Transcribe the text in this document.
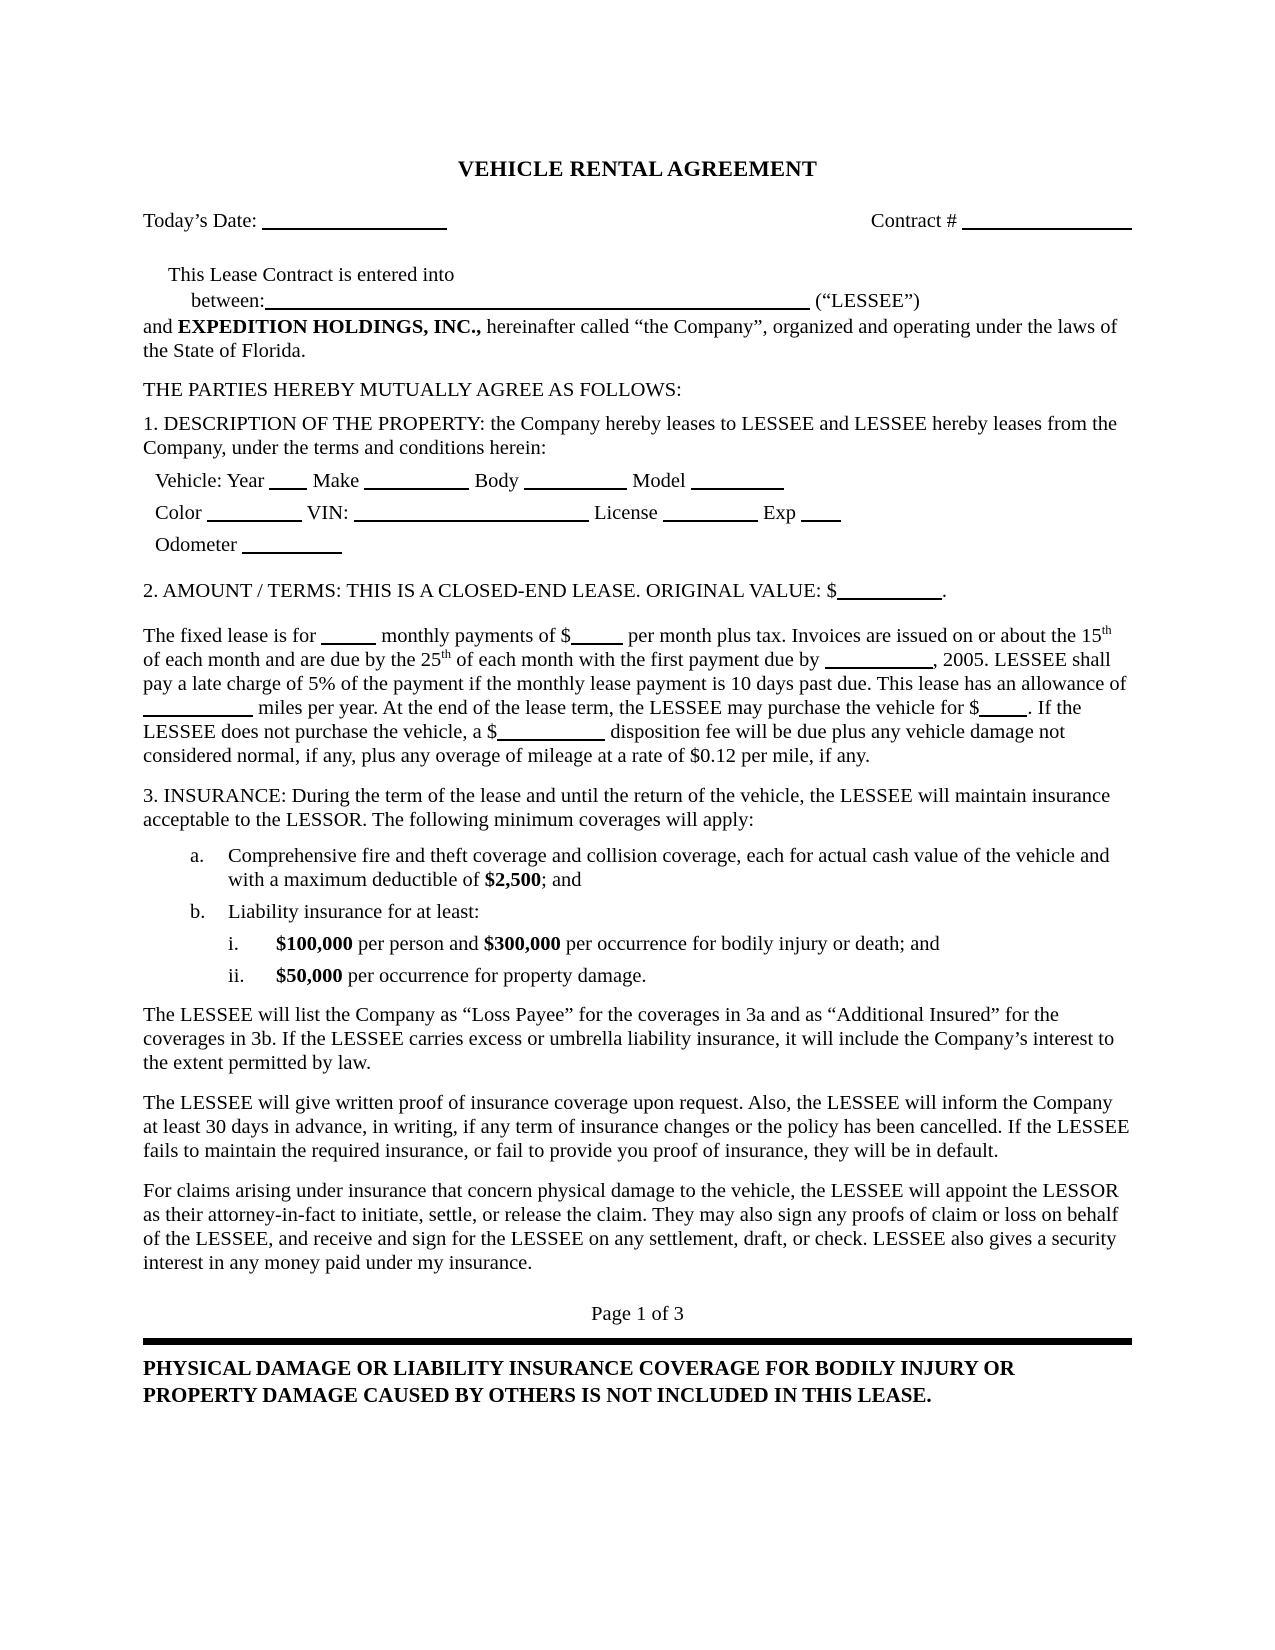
VEHICLE RENTAL AGREEMENT
Today’s Date:	Contract #

This Lease Contract is entered into

between:	(“LESSEE”)

and EXPEDITION HOLDINGS, INC., hereinafter called “the Company”, organized and operating under the laws of the State of Florida.

THE PARTIES HEREBY MUTUALLY AGREE AS FOLLOWS:

1. DESCRIPTION OF THE PROPERTY: the Company hereby leases to LESSEE and LESSEE hereby leases from the Company, under the terms and conditions herein:

Vehicle: Year  Make	Body	Model

Color	VIN:	License	Exp

Odometer

2. AMOUNT / TERMS: THIS IS A CLOSED-END LEASE. ORIGINAL VALUE: $	.

The fixed lease is for	monthly payments of $	per month plus tax. Invoices are issued on or about the 15th of each month and are due by the 25th of each month with the first payment due by	, 2005. LESSEE shall pay a late charge of 5% of the payment if the monthly lease payment is 10 days past due. This lease has an allowance of  miles per year. At the end of the lease term, the LESSEE may purchase the vehicle for $ . If the LESSEE does not purchase the vehicle, a $	disposition fee will be due plus any vehicle damage not considered normal, if any, plus any overage of mileage at a rate of $0.12 per mile, if any.

3. INSURANCE: During the term of the lease and until the return of the vehicle, the LESSEE will maintain insurance acceptable to the LESSOR. The following minimum coverages will apply:

a.	Comprehensive fire and theft coverage and collision coverage, each for actual cash value of the vehicle and with a maximum deductible of $2,500; and
b.	Liability insurance for at least:
i.	$100,000 per person and $300,000 per occurrence for bodily injury or death; and
ii.	$50,000 per occurrence for property damage.

The LESSEE will list the Company as “Loss Payee” for the coverages in 3a and as “Additional Insured” for the coverages in 3b. If the LESSEE carries excess or umbrella liability insurance, it will include the Company’s interest to the extent permitted by law.

The LESSEE will give written proof of insurance coverage upon request. Also, the LESSEE will inform the Company at least 30 days in advance, in writing, if any term of insurance changes or the policy has been cancelled. If the LESSEE fails to maintain the required insurance, or fail to provide you proof of insurance, they will be in default.

For claims arising under insurance that concern physical damage to the vehicle, the LESSEE will appoint the LESSOR as their attorney-in-fact to initiate, settle, or release the claim. They may also sign any proofs of claim or loss on behalf of the LESSEE, and receive and sign for the LESSEE on any settlement, draft, or check. LESSEE also gives a security interest in any money paid under my insurance.

Page 1 of 3

PHYSICAL DAMAGE OR LIABILITY INSURANCE COVERAGE FOR BODILY INJURY OR PROPERTY DAMAGE CAUSED BY OTHERS IS NOT INCLUDED IN THIS LEASE.
